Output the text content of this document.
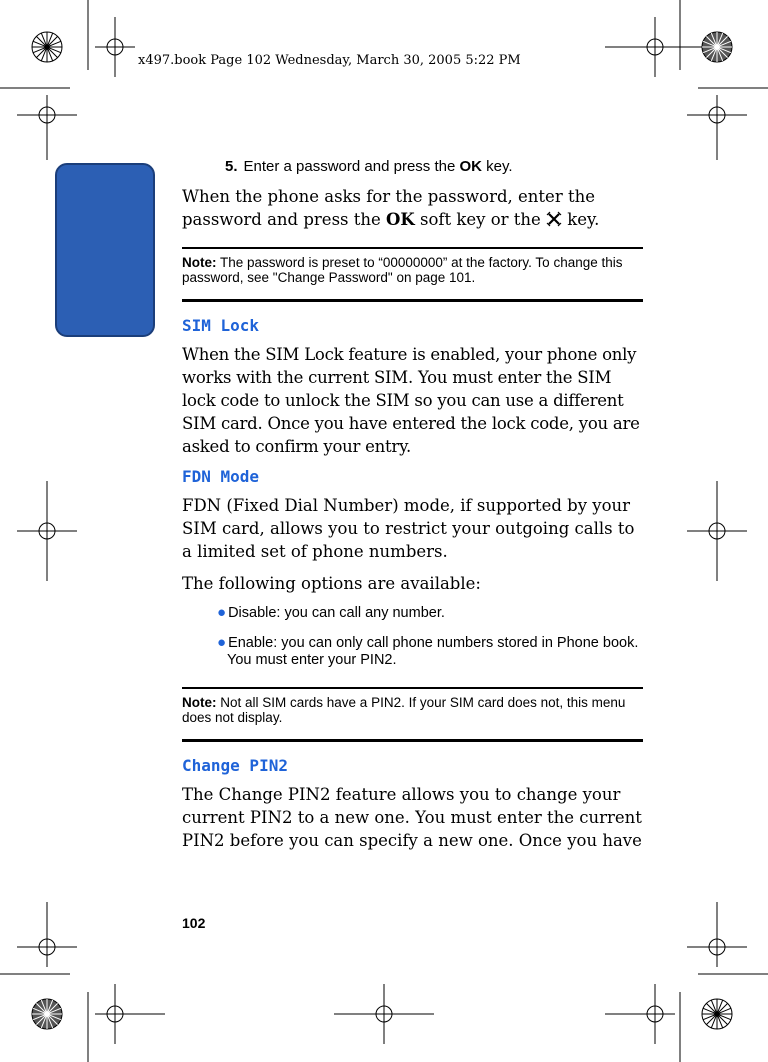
x497.book Page 102 Wednesday, March 30, 2005 5:22 PM
Section 8

5. Enter a password and press the OK key.

When the phone asks for the password, enter the password and press the OK soft key or the  key.

Note: The password is preset to “00000000” at the factory. To change this password, see "Change Password" on page 101.
SIM Lock

When the SIM Lock feature is enabled, your phone only works with the current SIM. You must enter the SIM lock code to unlock the SIM so you can use a different SIM card. Once you have entered the lock code, you are asked to confirm your entry.

FDN Mode

FDN (Fixed Dial Number) mode, if supported by your SIM card, allows you to restrict your outgoing calls to a limited set of phone numbers.

The following options are available:

● Disable: you can call any number.
● Enable: you can only call phone numbers stored in Phone book. You must enter your PIN2.
Note: Not all SIM cards have a PIN2. If your SIM card does not, this menu does not display.
Change PIN2

The Change PIN2 feature allows you to change your current PIN2 to a new one. You must enter the current PIN2 before you can specify a new one. Once you have

102
